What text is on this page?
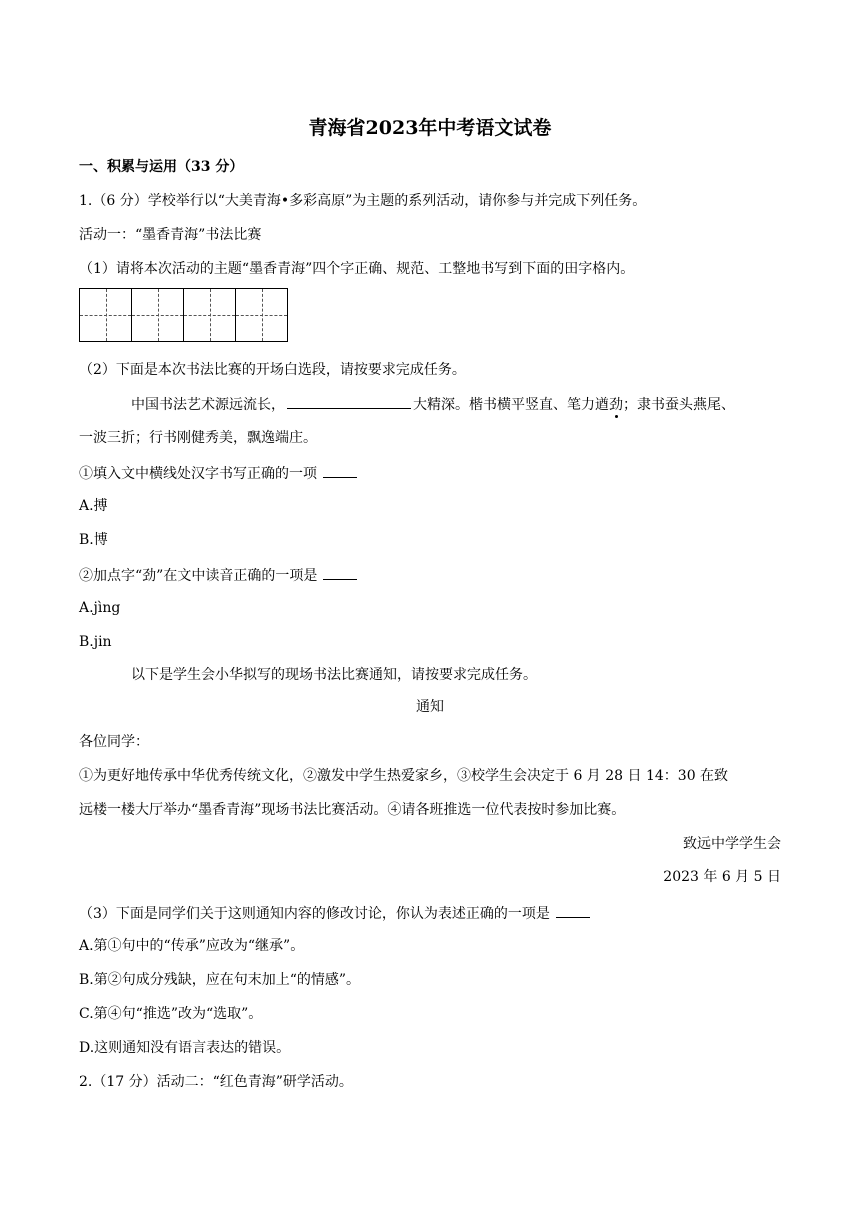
青海省2023年中考语文试卷
一、积累与运用（33 分）
1.（6 分）学校举行以“大美青海•多彩高原”为主题的系列活动，请你参与并完成下列任务。
活动一：“墨香青海”书法比赛
（1）请将本次活动的主题“墨香青海”四个字正确、规范、工整地书写到下面的田字格内。
（2）下面是本次书法比赛的开场白选段，请按要求完成任务。
中国书法艺术源远流长，	大精深。楷书横平竖直、笔力遒劲；隶书蚕头燕尾、
一波三折；行书刚健秀美，飘逸端庄。
①填入文中横线处汉字书写正确的一项
A.搏
B.博
②加点字“劲”在文中读音正确的一项是
A.jìng
B.jin
以下是学生会小华拟写的现场书法比赛通知，请按要求完成任务。
通知
各位同学：
①为更好地传承中华优秀传统文化，②激发中学生热爱家乡，③校学生会决定于 6 月 28 日 14：30 在致
远楼一楼大厅举办“墨香青海”现场书法比赛活动。④请各班推选一位代表按时参加比赛。
致远中学学生会
2023 年 6 月 5 日
（3）下面是同学们关于这则通知内容的修改讨论，你认为表述正确的一项是
A.第①句中的“传承”应改为“继承”。
B.第②句成分残缺，应在句末加上“的情感”。
C.第④句“推选”改为“选取”。
D.这则通知没有语言表达的错误。
2.（17 分）活动二：“红色青海”研学活动。
